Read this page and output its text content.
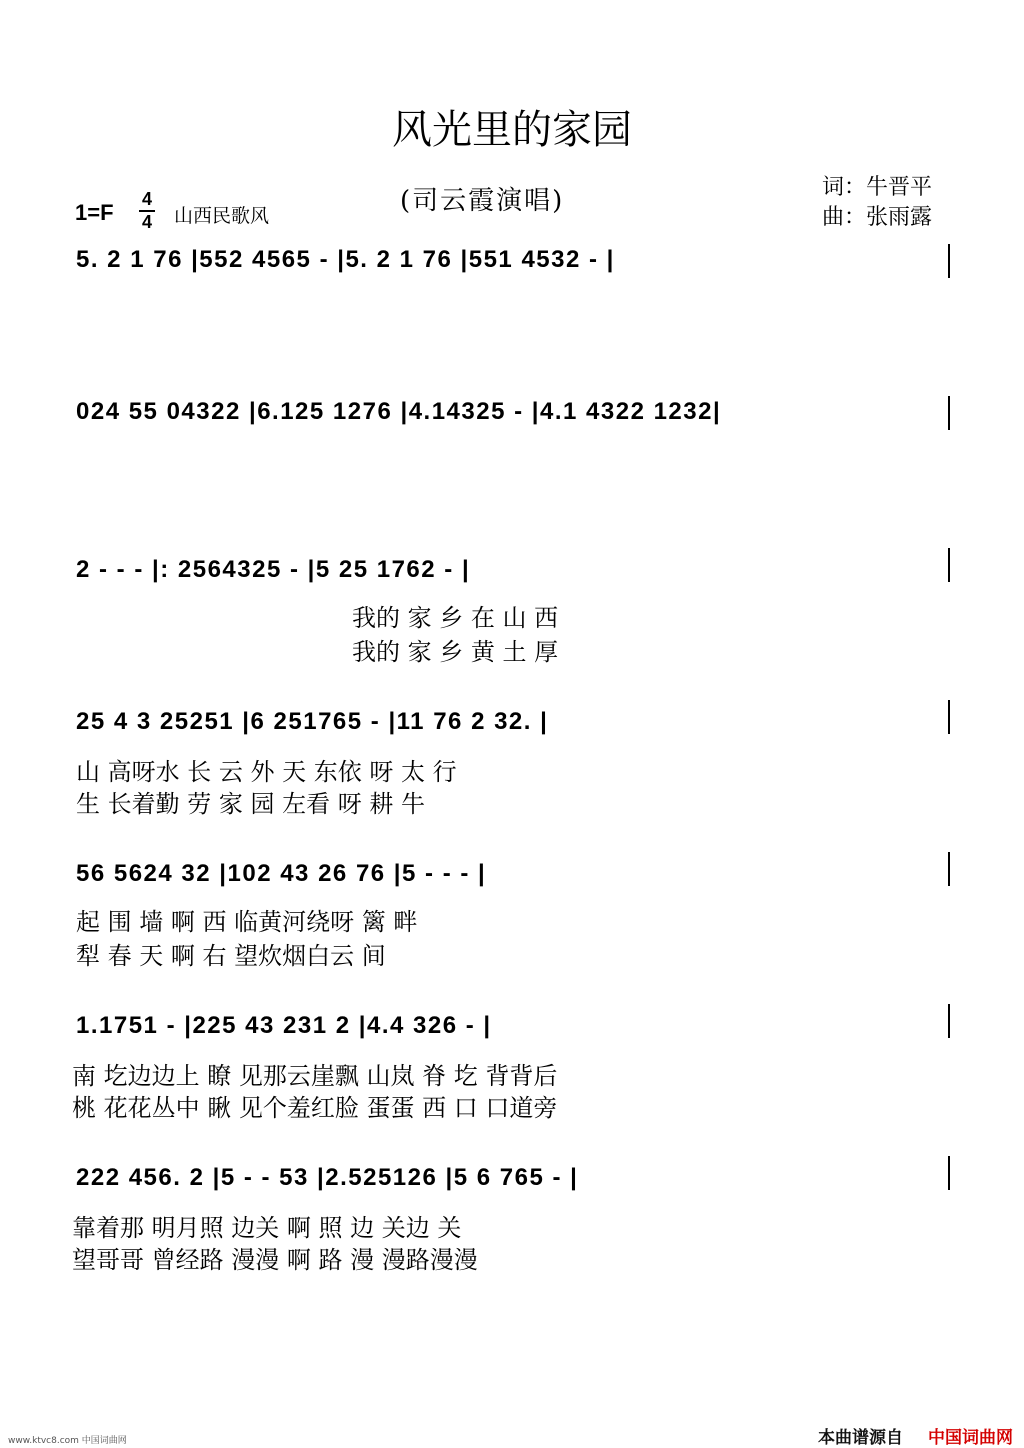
风光里的家园
(司云霞演唱)	词：牛晋平
曲：张雨露
1=F
4
4 山西民歌风
5. 2 1 76 |552 4565 - |5. 2 1 76 |551 4532 - |
024 55 04322 |6.125 1276 |4.14325 - |4.1 4322 1232|
2 - - - |: 2564325 - |5 25 1762 - |
我的 家 乡 在 山 西
我的 家 乡 黄 土 厚
25 4 3 25251 |6 251765 - |11 76 2 32. |
山 高呀水 长 云 外 天 东依 呀 太 行
生 长着勤 劳 家 园 左看 呀 耕 牛
56 5624 32 |102 43 26 76 |5 - - - |
起 围 墙 啊 西 临黄河绕呀 篱 畔
犁 春 天 啊 右 望炊烟白云 间
1.1751 - |225 43 231 2 |4.4 326 - |
南 圪边边上 瞭 见那云崖飘 山岚 脊 圪 背背后
桃 花花丛中 瞅 见个羞红脸 蛋蛋 西 口 口道旁
222 456. 2 |5 - - 53 |2.525126 |5 6 765 - |
靠着那 明月照 边关 啊 照 边 关边 关
望哥哥 曾经路 漫漫 啊 路 漫 漫路漫漫
www.ktvc8.com 中国词曲网	本曲谱源自 中国词曲网
